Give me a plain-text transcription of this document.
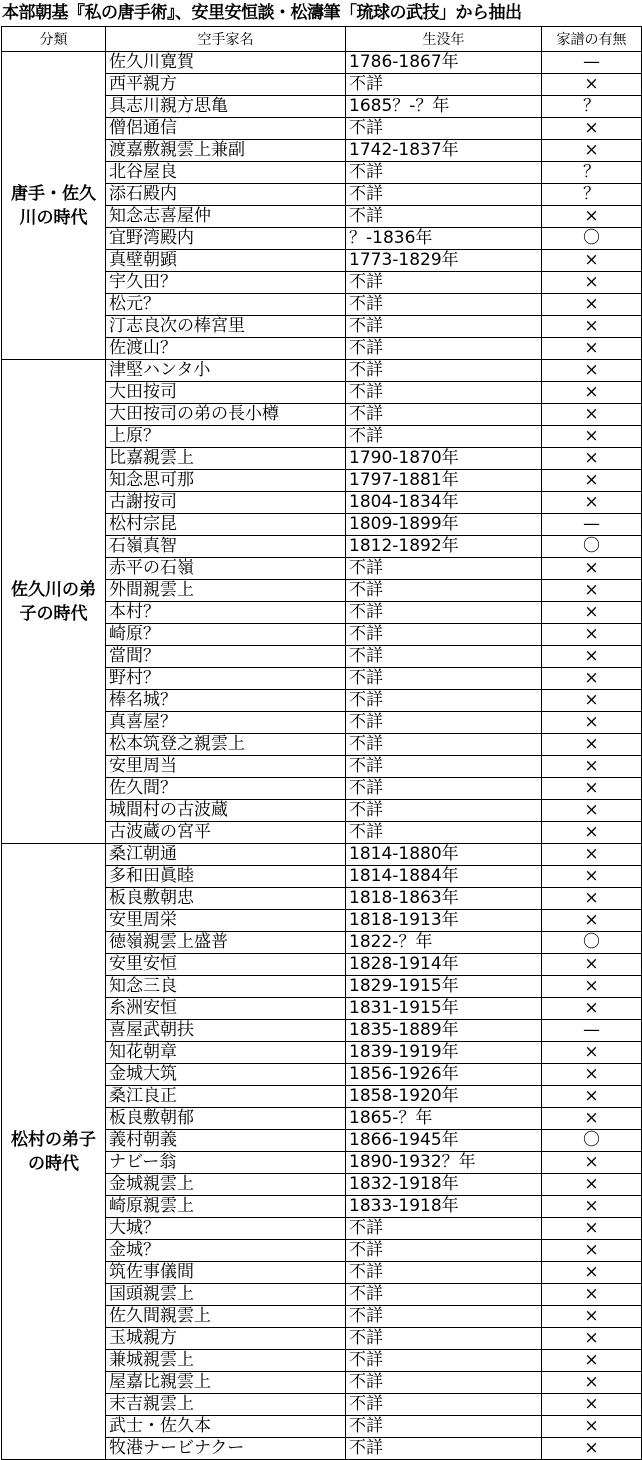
本部朝基『私の唐手術』、安里安恒談・松濤筆「琉球の武技」から抽出
分類	空手家名	生没年	家譜の有無
唐手・佐久川の時代	佐久川寛賀	1786-1867年	—
	西平親方	不詳	×
	具志川親方思亀	1685？-？年	？
	僧侶通信	不詳	×
	渡嘉敷親雲上兼副	1742-1837年	×
	北谷屋良	不詳	？
	添石殿内	不詳	？
	知念志喜屋仲	不詳	×
	宜野湾殿内	？-1836年	〇
	真壁朝顕	1773-1829年	×
	宇久田？	不詳	×
	松元？	不詳	×
	汀志良次の棒宮里	不詳	×
	佐渡山？	不詳	×
佐久川の弟子の時代	津堅ハンタ小	不詳	×
	大田按司	不詳	×
	大田按司の弟の長小樽	不詳	×
	上原？	不詳	×
	比嘉親雲上	1790-1870年	×
	知念思可那	1797-1881年	×
	古謝按司	1804-1834年	×
	松村宗昆	1809-1899年	—
	石嶺真智	1812-1892年	〇
	赤平の石嶺	不詳	×
	外間親雲上	不詳	×
	本村？	不詳	×
	崎原？	不詳	×
	當間？	不詳	×
	野村？	不詳	×
	棒名城？	不詳	×
	真喜屋？	不詳	×
	松本筑登之親雲上	不詳	×
	安里周当	不詳	×
	佐久間？	不詳	×
	城間村の古波蔵	不詳	×
	古波蔵の宮平	不詳	×
松村の弟子の時代	桑江朝通	1814-1880年	×
	多和田眞睦	1814-1884年	×
	板良敷朝忠	1818-1863年	×
	安里周栄	1818-1913年	×
	徳嶺親雲上盛普	1822-？年	〇
	安里安恒	1828-1914年	×
	知念三良	1829-1915年	×
	糸洲安恒	1831-1915年	×
	喜屋武朝扶	1835-1889年	—
	知花朝章	1839-1919年	×
	金城大筑	1856-1926年	×
	桑江良正	1858-1920年	×
	板良敷朝郁	1865-？年	×
	義村朝義	1866-1945年	〇
	ナビー翁	1890-1932？年	×
	金城親雲上	1832-1918年	×
	崎原親雲上	1833-1918年	×
	大城？	不詳	×
	金城？	不詳	×
	筑佐事儀間	不詳	×
	国頭親雲上	不詳	×
	佐久間親雲上	不詳	×
	玉城親方	不詳	×
	兼城親雲上	不詳	×
	屋嘉比親雲上	不詳	×
	末吉親雲上	不詳	×
	武士・佐久本	不詳	×
	牧港ナービナクー	不詳	×
